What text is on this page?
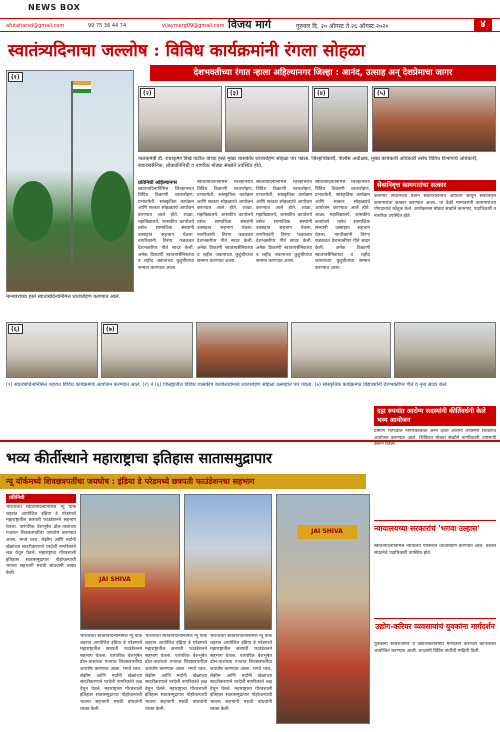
NEWS BOX
afutaharsd@gmail.com	99 75 36 44 74	vijaymarg09@gmail.com विजय मार्ग	गुरुवार दि. २० ऑगस्ट ते २६ ऑगस्ट २०२०	४
स्वातंत्र्यदिनाचा जल्लोष : विविध कार्यक्रमांनी रंगला सोहळा
देशभक्तीच्या रंगात न्हाला अहिल्यानगर जिल्हा : आनंद, उत्साह अन् देशप्रेमाचा जागर
(१)
मान्यवरांच्या हस्ते स्वातंत्र्यदिनानिमित्त ध्वजारोहण करण्यात आले.
(२)	(३)	(४)	(५)
पालकमंत्री डॉ. राधाकृष्ण विखे पाटील यांच्या हस्ते मुख्य शासकीय ध्वजारोहण सोहळा पार पडला. जिल्हाधिकारी, पोलीस अधीक्षक, मुख्य कार्यकारी अधिकारी तसेच विविध विभागांचे अधिकारी, स्वातंत्र्यसैनिक, लोकप्रतिनिधी व नागरिक मोठ्या संख्येने उपस्थित होते.
प्रतिनिधी अहिल्यानगर
स्वातंत्र्यदिनानिमित्त जिल्हाभरात विविध ठिकाणी ध्वजारोहण, प्रभातफेरी, सांस्कृतिक कार्यक्रम आणि सत्कार सोहळ्यांचे आयोजन करण्यात आले होते. शाळा, महाविद्यालये, शासकीय कार्यालये तसेच सामाजिक संस्थांनी उत्साहात सहभाग घेतला. नागरिकांनी तिरंगा फडकवत देशभक्तीपर गीते सादर केली. अनेक ठिकाणी स्वातंत्र्यसैनिकांचा व शहीद जवानांच्या कुटुंबीयांचा सन्मान करण्यात आला.
स्वातंत्र्यदिनानिमित्त जिल्हाभरात विविध ठिकाणी ध्वजारोहण, प्रभातफेरी, सांस्कृतिक कार्यक्रम आणि सत्कार सोहळ्यांचे आयोजन करण्यात आले होते. शाळा, महाविद्यालये, शासकीय कार्यालये तसेच सामाजिक संस्थांनी उत्साहात सहभाग घेतला. नागरिकांनी तिरंगा फडकवत देशभक्तीपर गीते सादर केली. अनेक ठिकाणी स्वातंत्र्यसैनिकांचा व शहीद जवानांच्या कुटुंबीयांचा सन्मान करण्यात आला.
स्वातंत्र्यदिनानिमित्त जिल्हाभरात विविध ठिकाणी ध्वजारोहण, प्रभातफेरी, सांस्कृतिक कार्यक्रम आणि सत्कार सोहळ्यांचे आयोजन करण्यात आले होते. शाळा, महाविद्यालये, शासकीय कार्यालये तसेच सामाजिक संस्थांनी उत्साहात सहभाग घेतला. नागरिकांनी तिरंगा फडकवत देशभक्तीपर गीते सादर केली. अनेक ठिकाणी स्वातंत्र्यसैनिकांचा व शहीद जवानांच्या कुटुंबीयांचा सन्मान करण्यात आला.
स्वातंत्र्यदिनानिमित्त जिल्हाभरात विविध ठिकाणी ध्वजारोहण, प्रभातफेरी, सांस्कृतिक कार्यक्रम आणि सत्कार सोहळ्यांचे आयोजन करण्यात आले होते. शाळा, महाविद्यालये, शासकीय कार्यालये तसेच सामाजिक संस्थांनी उत्साहात सहभाग घेतला. नागरिकांनी तिरंगा फडकवत देशभक्तीपर गीते सादर केली. अनेक ठिकाणी स्वातंत्र्यसैनिकांचा व शहीद जवानांच्या कुटुंबीयांचा सन्मान करण्यात आला.
सेवानिवृत्त कामगारांचा सत्कार
कामगार संघटनेच्या वतीने स्वातंत्र्यदिनाचे औचित्य साधून सेवानिवृत्त कामगारांचा सत्कार करण्यात आला. या वेळी मान्यवरांनी कामगारांच्या योगदानाचे कौतुक केले. कार्यक्रमास मोठ्या संख्येने कामगार, पदाधिकारी व नागरिक उपस्थित होते.
(६)	(७)
(१) स्वातंत्र्यदिनानिमित्त शहरात विविध कार्यक्रमांचे आयोजन करण्यात आले. (२) ते (६) जिल्ह्यातील विविध शासकीय कार्यालयांमध्ये ध्वजारोहण सोहळा उत्साहात पार पडला. (७) सांस्कृतिक कार्यक्रमात विद्यार्थ्यांनी देशभक्तीपर गीते व नृत्य सादर केले.
भव्य कीर्तीस्थाने महाराष्ट्राचा इतिहास सातासमुद्रापार
न्यू यॉर्कमध्ये शिवछत्रपतींचा जयघोष : इंडिया डे परेडमध्ये छत्रपती फाउंडेशनचा सहभाग
प्रतिनिधी
भारताच्या स्वातंत्र्यदिनानिमित्त न्यू यॉर्क शहरात आयोजित इंडिया डे परेडमध्ये महाराष्ट्रातील छत्रपती फाउंडेशनने सहभाग घेतला. पारंपरिक वेशभूषेत ढोल-ताशांच्या गजरात शिवछत्रपतींचा जयघोष करण्यात आला. भगवे ध्वज, लेझीम आणि मर्दानी खेळांच्या सादरीकरणाने परदेशी नागरिकांचे लक्ष वेधून घेतले. महाराष्ट्राचा गौरवशाली इतिहास सातासमुद्रापार पोहोचल्याची भावना सहभागी मराठी बांधवांनी व्यक्त केली.
JAI SHIVA
JAI SHIVA
भारताच्या स्वातंत्र्यदिनानिमित्त न्यू यॉर्क शहरात आयोजित इंडिया डे परेडमध्ये महाराष्ट्रातील छत्रपती फाउंडेशनने सहभाग घेतला. पारंपरिक वेशभूषेत ढोल-ताशांच्या गजरात शिवछत्रपतींचा जयघोष करण्यात आला. भगवे ध्वज, लेझीम आणि मर्दानी खेळांच्या सादरीकरणाने परदेशी नागरिकांचे लक्ष वेधून घेतले. महाराष्ट्राचा गौरवशाली इतिहास सातासमुद्रापार पोहोचल्याची भावना सहभागी मराठी बांधवांनी व्यक्त केली.
भारताच्या स्वातंत्र्यदिनानिमित्त न्यू यॉर्क शहरात आयोजित इंडिया डे परेडमध्ये महाराष्ट्रातील छत्रपती फाउंडेशनने सहभाग घेतला. पारंपरिक वेशभूषेत ढोल-ताशांच्या गजरात शिवछत्रपतींचा जयघोष करण्यात आला. भगवे ध्वज, लेझीम आणि मर्दानी खेळांच्या सादरीकरणाने परदेशी नागरिकांचे लक्ष वेधून घेतले. महाराष्ट्राचा गौरवशाली इतिहास सातासमुद्रापार पोहोचल्याची भावना सहभागी मराठी बांधवांनी व्यक्त केली.
भारताच्या स्वातंत्र्यदिनानिमित्त न्यू यॉर्क शहरात आयोजित इंडिया डे परेडमध्ये महाराष्ट्रातील छत्रपती फाउंडेशनने सहभाग घेतला. पारंपरिक वेशभूषेत ढोल-ताशांच्या गजरात शिवछत्रपतींचा जयघोष करण्यात आला. भगवे ध्वज, लेझीम आणि मर्दानी खेळांच्या सादरीकरणाने परदेशी नागरिकांचे लक्ष वेधून घेतले. महाराष्ट्राचा गौरवशाली इतिहास सातासमुद्रापार पोहोचल्याची भावना सहभागी मराठी बांधवांनी व्यक्त केली.
दहा रुपयांत आरोग्य सदस्यांनी कीर्तिवर्धनी केले भव्य आयोजन
ग्रामीण भागातील नागरिकांसाठी अल्प दरात आरोग्य तपासणी शिबिराचे आयोजन करण्यात आले. शिबिरात मोठ्या संख्येने नागरिकांनी तपासणी करून घेतली.
न्यायालयच्या सरकारांचं 'भगवा उल्हास'
स्वातंत्र्यदिनानिमित्त न्यायालय परिसरात ध्वजारोहण करण्यात आले. वकील संघटनेचे पदाधिकारी उपस्थित होते.
उद्योग-करियर व्यवसायांचं युवकांना मार्गदर्शन
युवकांना स्वयंरोजगार व उद्योजकतेविषयी मार्गदर्शन करणारी कार्यशाळा आयोजित करण्यात आली. तज्ज्ञांनी विविध संधींची माहिती दिली.
